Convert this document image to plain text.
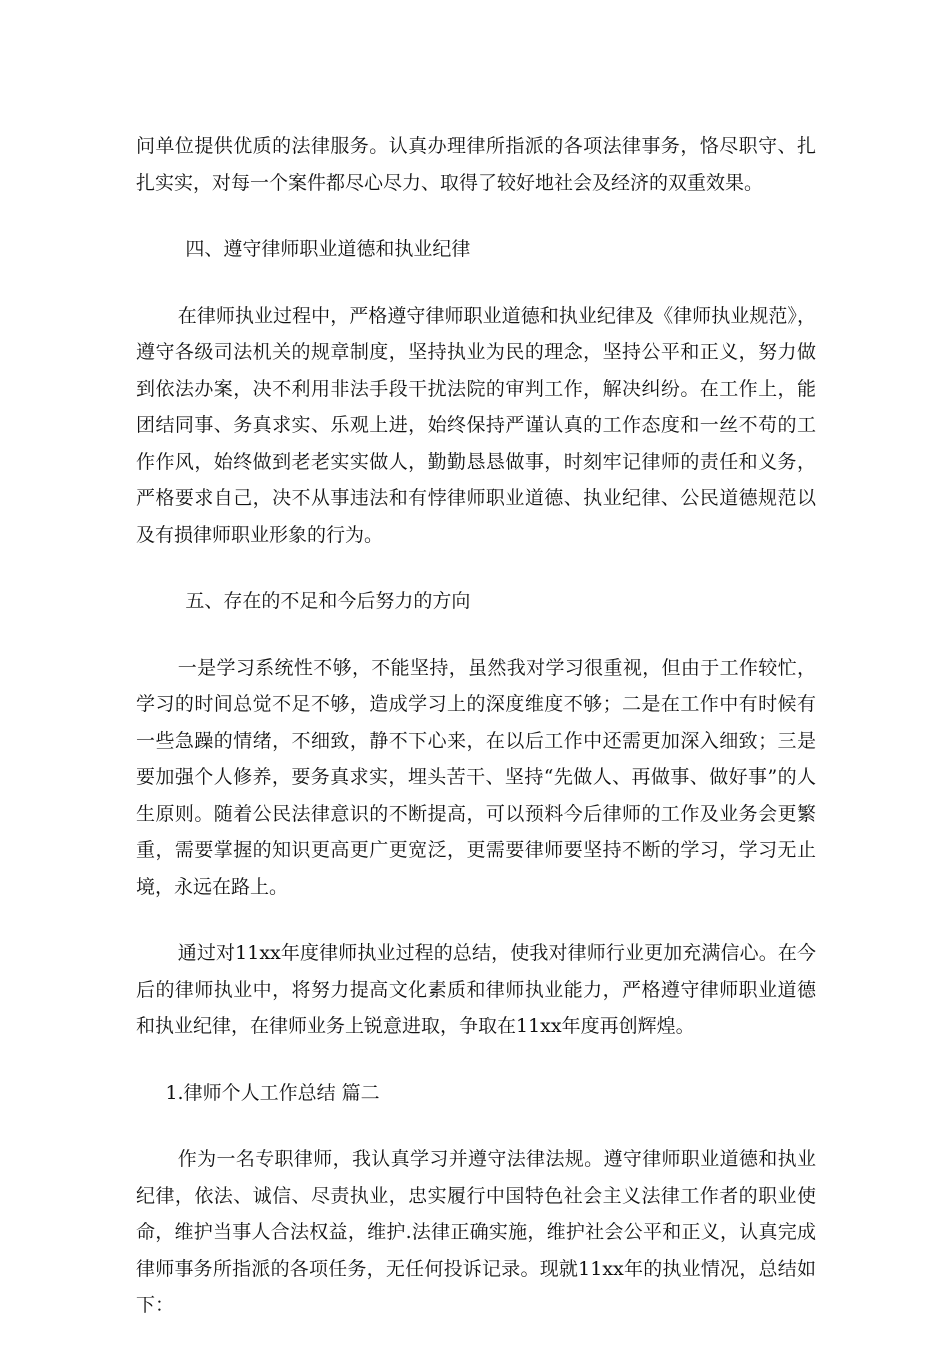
问单位提供优质的法律服务。认真办理律所指派的各项法律事务，恪尽职守、扎扎实实，对每一个案件都尽心尽力、取得了较好地社会及经济的双重效果。

四、遵守律师职业道德和执业纪律

在律师执业过程中，严格遵守律师职业道德和执业纪律及《律师执业规范》，遵守各级司法机关的规章制度，坚持执业为民的理念，坚持公平和正义，努力做到依法办案，决不利用非法手段干扰法院的审判工作，解决纠纷。在工作上，能团结同事、务真求实、乐观上进，始终保持严谨认真的工作态度和一丝不苟的工作作风，始终做到老老实实做人，勤勤恳恳做事，时刻牢记律师的责任和义务，严格要求自己，决不从事违法和有悖律师职业道德、执业纪律、公民道德规范以及有损律师职业形象的行为。

五、存在的不足和今后努力的方向

一是学习系统性不够，不能坚持，虽然我对学习很重视，但由于工作较忙，学习的时间总觉不足不够，造成学习上的深度维度不够；二是在工作中有时候有一些急躁的情绪，不细致，静不下心来，在以后工作中还需更加深入细致；三是要加强个人修养，要务真求实，埋头苦干、坚持“先做人、再做事、做好事”的人生原则。随着公民法律意识的不断提高，可以预料今后律师的工作及业务会更繁重，需要掌握的知识更高更广更宽泛，更需要律师要坚持不断的学习，学习无止境，永远在路上。

通过对11xx年度律师执业过程的总结，使我对律师行业更加充满信心。在今后的律师执业中，将努力提高文化素质和律师执业能力，严格遵守律师职业道德和执业纪律，在律师业务上锐意进取，争取在11xx年度再创辉煌。

1.律师个人工作总结 篇二

作为一名专职律师，我认真学习并遵守法律法规。遵守律师职业道德和执业纪律，依法、诚信、尽责执业，忠实履行中国特色社会主义法律工作者的职业使命，维护当事人合法权益，维护.法律正确实施，维护社会公平和正义，认真完成律师事务所指派的各项任务，无任何投诉记录。现就11xx年的执业情况，总结如下：
